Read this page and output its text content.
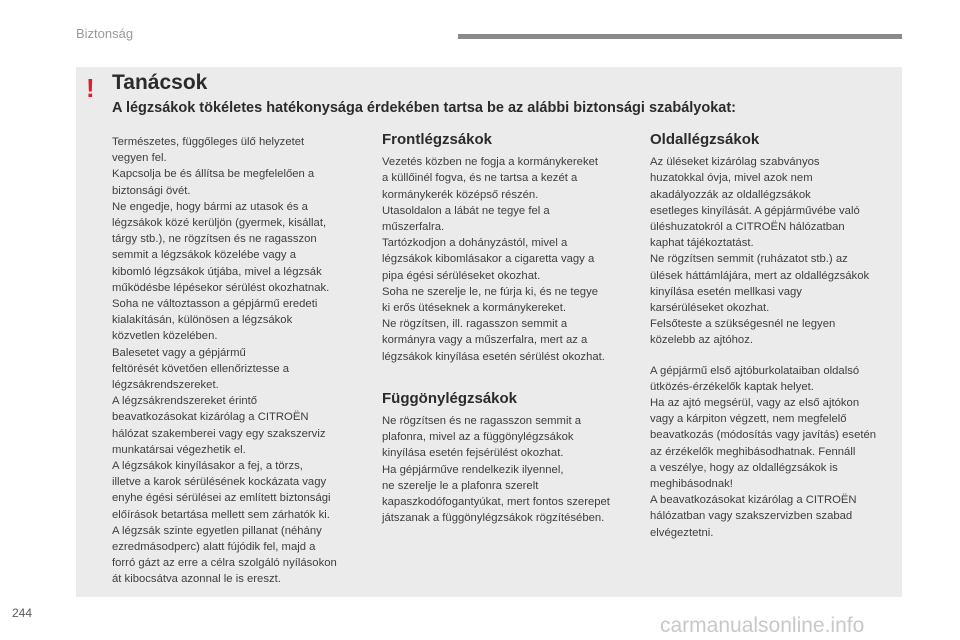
Biztonság
! Tanácsok
A légzsákok tökéletes hatékonysága érdekében tartsa be az alábbi biztonsági szabályokat:

Természetes, függőleges ülő helyzetet
vegyen fel.
Kapcsolja be és állítsa be megfelelően a
biztonsági övét.
Ne engedje, hogy bármi az utasok és a
légzsákok közé kerüljön (gyermek, kisállat,
tárgy stb.), ne rögzítsen és ne ragasszon
semmit a légzsákok közelébe vagy a
kibomló légzsákok útjába, mivel a légzsák
működésbe lépésekor sérülést okozhatnak.
Soha ne változtasson a gépjármű eredeti
kialakításán, különösen a légzsákok
közvetlen közelében.
Balesetet vagy a gépjármű
feltörését követően ellenőriztesse a
légzsákrendszereket.
A légzsákrendszereket érintő
beavatkozásokat kizárólag a CITROËN
hálózat szakemberei vagy egy szakszerviz
munkatársai végezhetik el.
A légzsákok kinyílásakor a fej, a törzs,
illetve a karok sérülésének kockázata vagy
enyhe égési sérülései az említett biztonsági
előírások betartása mellett sem zárhatók ki.
A légzsák szinte egyetlen pillanat (néhány
ezredmásodperc) alatt fújódik fel, majd a
forró gázt az erre a célra szolgáló nyílásokon
át kibocsátva azonnal le is ereszt.

Frontlégzsákok

Vezetés közben ne fogja a kormánykereket
a küllőinél fogva, és ne tartsa a kezét a
kormánykerék középső részén.
Utasoldalon a lábát ne tegye fel a
műszerfalra.
Tartózkodjon a dohányzástól, mivel a
légzsákok kibomlásakor a cigaretta vagy a
pipa égési sérüléseket okozhat.
Soha ne szerelje le, ne fúrja ki, és ne tegye
ki erős ütéseknek a kormánykereket.
Ne rögzítsen, ill. ragasszon semmit a
kormányra vagy a műszerfalra, mert az a
légzsákok kinyílása esetén sérülést okozhat.

Függönylégzsákok

Ne rögzítsen és ne ragasszon semmit a
plafonra, mivel az a függönylégzsákok
kinyílása esetén fejsérülést okozhat.
Ha gépjárműve rendelkezik ilyennel,
ne szerelje le a plafonra szerelt
kapaszkodófogantyúkat, mert fontos szerepet
játszanak a függönylégzsákok rögzítésében.

Oldallégzsákok

Az üléseket kizárólag szabványos
huzatokkal óvja, mivel azok nem
akadályozzák az oldallégzsákok
esetleges kinyílását. A gépjárművébe való
üléshuzatokról a CITROËN hálózatban
kaphat tájékoztatást.
Ne rögzítsen semmit (ruházatot stb.) az
ülések háttámlájára, mert az oldallégzsákok
kinyílása esetén mellkasi vagy
karsérüléseket okozhat.
Felsőteste a szükségesnél ne legyen
közelebb az ajtóhoz.

A gépjármű első ajtóburkolataiban oldalsó
ütközés-érzékelők kaptak helyet.
Ha az ajtó megsérül, vagy az első ajtókon
vagy a kárpiton végzett, nem megfelelő
beavatkozás (módosítás vagy javítás) esetén
az érzékelők meghibásodhatnak. Fennáll
a veszélye, hogy az oldallégzsákok is
meghibásodnak!
A beavatkozásokat kizárólag a CITROËN
hálózatban vagy szakszervizben szabad
elvégeztetni.

244
carmanualsonline.info
